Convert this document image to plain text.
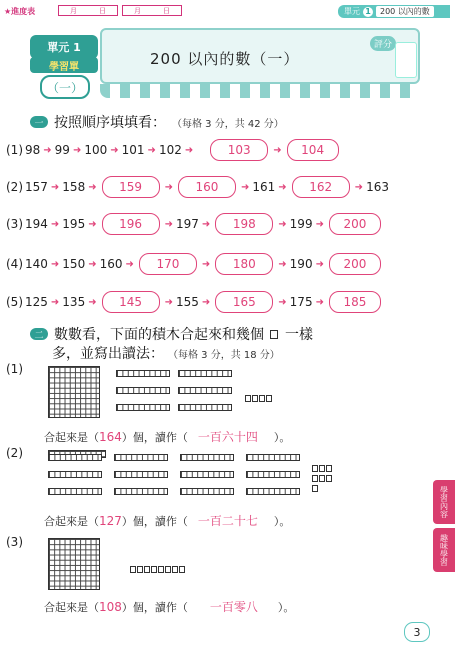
★進度表	月	日	月	日	單元 1	200 以內的數
200 以內的數（一）
評分
單元 1
學習單
（一）
一 按照順序填填看： （每格 3 分，共 42 分）
(1) 98 ➜ 99 ➜ 100 ➜ 101 ➜ 102 ➜	103	➜	104
(2) 157 ➜ 158 ➜	159	➜	160	➜ 161 ➜	162	➜ 163
(3) 194 ➜ 195 ➜	196	➜ 197 ➜	198	➜ 199 ➜	200
(4) 140 ➜ 150 ➜ 160 ➜	170	➜	180	➜ 190 ➜	200
(5) 125 ➜ 135 ➜	145	➜ 155 ➜	165	➜ 175 ➜	185
二 數數看，下面的積木合起來和幾個 一樣
多，並寫出讀法： （每格 3 分，共 18 分）
(1)
合起來是（ 164 ）個，讀作（ 一百六十四 ）。
(2)

合起來是（ 127 ）個，讀作（ 一百二十七 ）。
(3)
合起來是（ 108 ）個，讀作（ 一百零八 ）。
學習內容
趣味學習
3
